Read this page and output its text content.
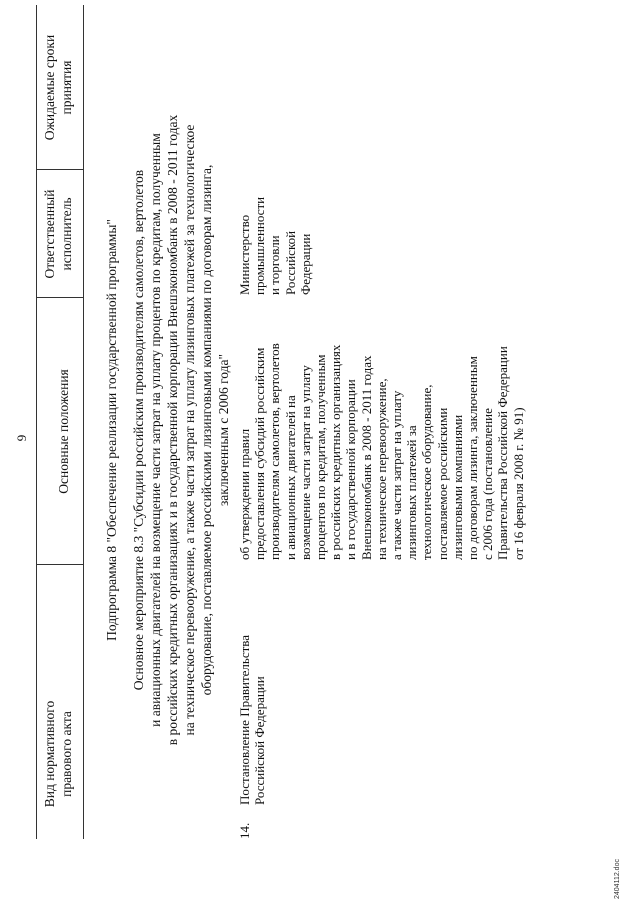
9
Вид нормативного правового акта
Основные положения
Ответственный исполнитель
Ожидаемые сроки принятия
Подпрограмма 8 "Обеспечение реализации государственной программы" Основное мероприятие 8.3 "Субсидии российским производителям самолетов, вертолетов и авиационных двигателей на возмещение части затрат на уплату процентов по кредитам, полученным в российских кредитных организациях и в государственной корпорации Внешэкономбанк в 2008 - 2011 годах на техническое перевооружение, а также части затрат на уплату лизинговых платежей за технологическое оборудование, поставляемое российскими лизинговыми компаниями по договорам лизинга, заключенным с 2006 года"
14.
Постановление Правительства Российской Федерации
об утверждении правил предоставления субсидий российским производителям самолетов, вертолетов и авиационных двигателей на возмещение части затрат на уплату процентов по кредитам, полученным в российских кредитных организациях и в государственной корпорации Внешэкономбанк в 2008 - 2011 годах на техническое перевооружение, а также части затрат на уплату лизинговых платежей за технологическое оборудование, поставляемое российскими лизинговыми компаниями по договорам лизинга, заключенным с 2006 года (постановление Правительства Российской Федерации от 16 февраля 2008 г. № 91)
Министерство промышленности и торговли Российской Федерации
2404112.doc
